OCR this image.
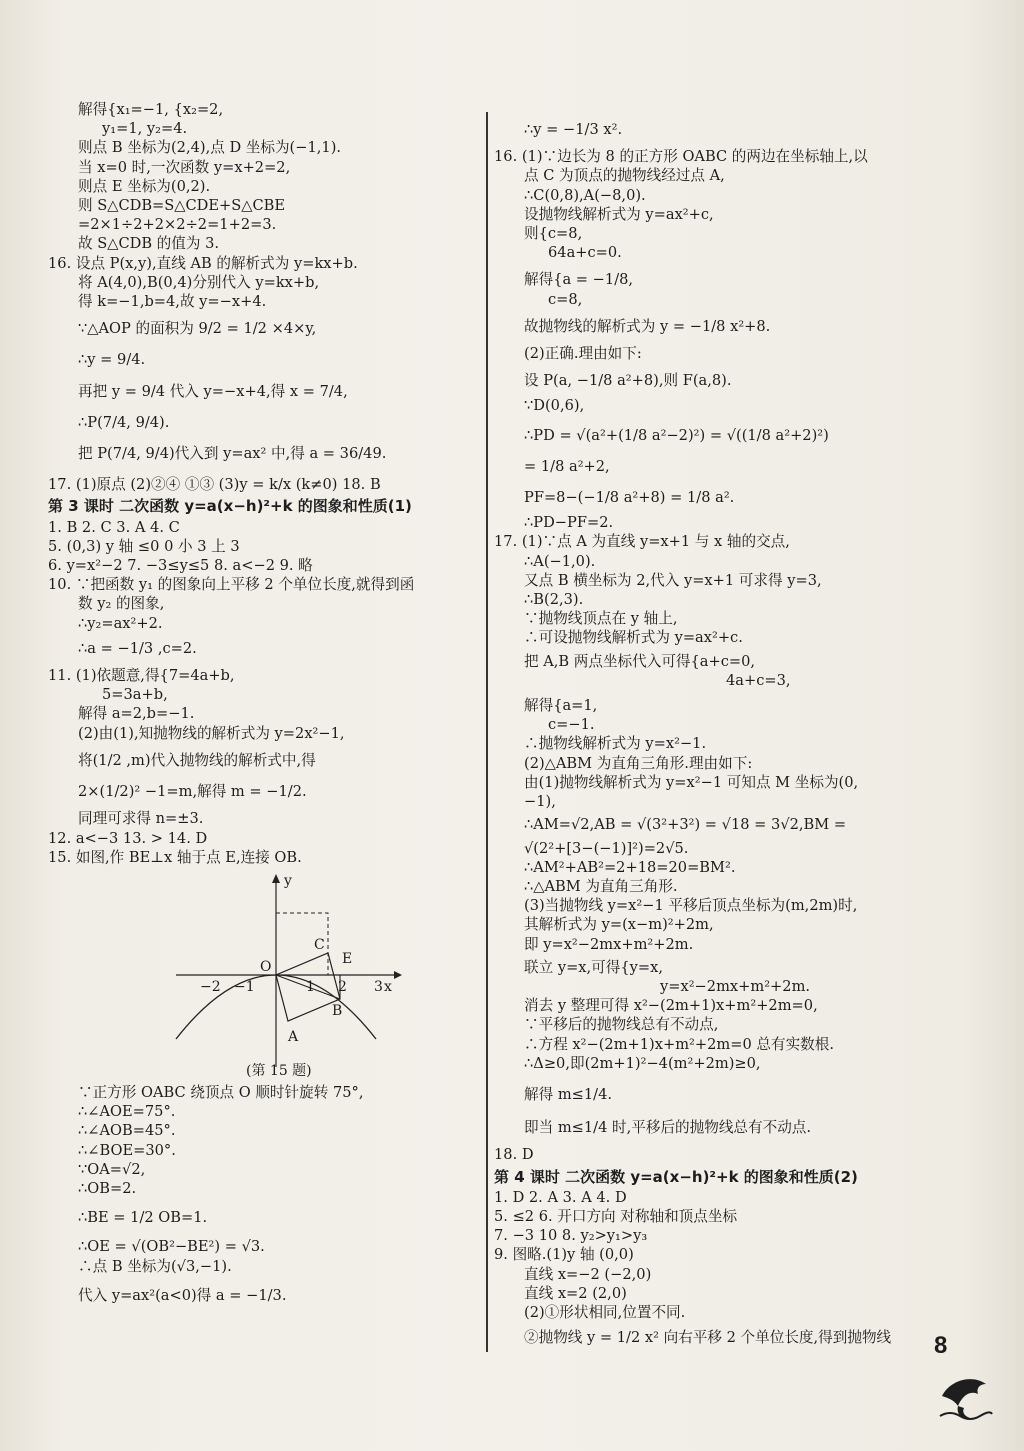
解得{x₁=−1, {x₂=2,
y₁=1, y₂=4.
则点 B 坐标为(2,4),点 D 坐标为(−1,1).
当 x=0 时,一次函数 y=x+2=2,
则点 E 坐标为(0,2).
则 S△CDB=S△CDE+S△CBE
=2×1÷2+2×2÷2=1+2=3.
故 S△CDB 的值为 3.
16. 设点 P(x,y),直线 AB 的解析式为 y=kx+b.
将 A(4,0),B(0,4)分别代入 y=kx+b,
得 k=−1,b=4,故 y=−x+4.
∵△AOP 的面积为 9/2 = 1/2 ×4×y,
∴y = 9/4.
再把 y = 9/4 代入 y=−x+4,得 x = 7/4,
∴P(7/4, 9/4).
把 P(7/4, 9/4)代入到 y=ax² 中,得 a = 36/49.
17. (1)原点 (2)②④ ①③ (3)y = k/x (k≠0) 18. B
第 3 课时 二次函数 y=a(x−h)²+k 的图象和性质(1)
1. B 2. C 3. A 4. C
5. (0,3) y 轴 ≤0 0 小 3 上 3
6. y=x²−2 7. −3≤y≤5 8. a<−2 9. 略
10. ∵把函数 y₁ 的图象向上平移 2 个单位长度,就得到函
数 y₂ 的图象,
∴y₂=ax²+2.
∴a = −1/3 ,c=2.
11. (1)依题意,得{7=4a+b,
5=3a+b,
解得 a=2,b=−1.
(2)由(1),知抛物线的解析式为 y=2x²−1,
将(1/2 ,m)代入抛物线的解析式中,得
2×(1/2)² −1=m,解得 m = −1/2.
同理可求得 n=±3.
12. a<−3 13. > 14. D
15. 如图,作 BE⊥x 轴于点 E,连接 OB.
y
C
E
−2 −1
O
1 2 3 x
B
A
(第 15 题)
∵正方形 OABC 绕顶点 O 顺时针旋转 75°,
∴∠AOE=75°.
∴∠AOB=45°.
∴∠BOE=30°.
∵OA=√2,
∴OB=2.
∴BE = 1/2 OB=1.
∴OE = √(OB²−BE²) = √3.
∴点 B 坐标为(√3,−1).
代入 y=ax²(a<0)得 a = −1/3.
∴y = −1/3 x².
16. (1)∵边长为 8 的正方形 OABC 的两边在坐标轴上,以
点 C 为顶点的抛物线经过点 A,
∴C(0,8),A(−8,0).
设抛物线解析式为 y=ax²+c,
则{c=8,
64a+c=0.
解得{a = −1/8,
c=8,
故抛物线的解析式为 y = −1/8 x²+8.
(2)正确.理由如下:
设 P(a, −1/8 a²+8),则 F(a,8).
∵D(0,6),
∴PD = √(a²+(1/8 a²−2)²) = √((1/8 a²+2)²)
= 1/8 a²+2,
PF=8−(−1/8 a²+8) = 1/8 a².
∴PD−PF=2.
17. (1)∵点 A 为直线 y=x+1 与 x 轴的交点,
∴A(−1,0).
又点 B 横坐标为 2,代入 y=x+1 可求得 y=3,
∴B(2,3).
∵抛物线顶点在 y 轴上,
∴可设抛物线解析式为 y=ax²+c.
把 A,B 两点坐标代入可得{a+c=0,
4a+c=3,
解得{a=1,
c=−1.
∴抛物线解析式为 y=x²−1.
(2)△ABM 为直角三角形.理由如下:
由(1)抛物线解析式为 y=x²−1 可知点 M 坐标为(0,
−1),
∴AM=√2,AB = √(3²+3²) = √18 = 3√2,BM =
√(2²+[3−(−1)]²)=2√5.
∴AM²+AB²=2+18=20=BM².
∴△ABM 为直角三角形.
(3)当抛物线 y=x²−1 平移后顶点坐标为(m,2m)时,
其解析式为 y=(x−m)²+2m,
即 y=x²−2mx+m²+2m.
联立 y=x,可得{y=x,
y=x²−2mx+m²+2m.
消去 y 整理可得 x²−(2m+1)x+m²+2m=0,
∵平移后的抛物线总有不动点,
∴方程 x²−(2m+1)x+m²+2m=0 总有实数根.
∴Δ≥0,即(2m+1)²−4(m²+2m)≥0,
解得 m≤1/4.
即当 m≤1/4 时,平移后的抛物线总有不动点.
18. D
第 4 课时 二次函数 y=a(x−h)²+k 的图象和性质(2)
1. D 2. A 3. A 4. D
5. ≤2 6. 开口方向 对称轴和顶点坐标
7. −3 10 8. y₂>y₁>y₃
9. 图略.(1)y 轴 (0,0)
直线 x=−2 (−2,0)
直线 x=2 (2,0)
(2)①形状相同,位置不同.
②抛物线 y = 1/2 x² 向右平移 2 个单位长度,得到抛物线	8
